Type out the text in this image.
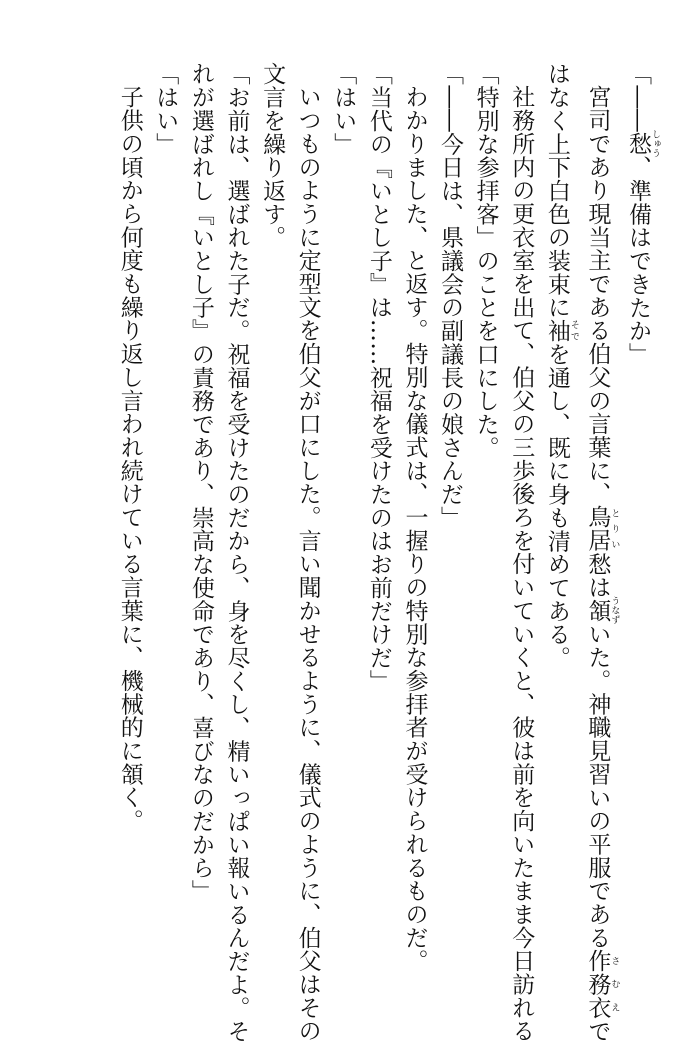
「――愁 しゅう、準備はできたか」
宮司であり現当主である伯父の言葉に、鳥居 とりい愁は頷 うなずいた。神職見習いの平服である作務衣 さむえで
はなく上下白色の装束に袖 そでを通し、既に身も清めてある。
社務所内の更衣室を出て、伯父の三歩後ろを付いていくと、彼は前を向いたまま今日訪れる
「特別な参拝客」のことを口にした。
「――今日は、県議会の副議長の娘さんだ」
わかりました、と返す。特別な儀式は、一握りの特別な参拝者が受けられるものだ。
「当代の『いとし子』は……祝福を受けたのはお前だけだ」
「はい」
いつものように定型文を伯父が口にした。言い聞かせるように、儀式のように、伯父はその
文言を繰り返す。
「お前は、選ばれた子だ。祝福を受けたのだから、身を尽くし、精いっぱい報いるんだよ。そ
れが選ばれし『いとし子』の責務であり、崇高な使命であり、喜びなのだから」
「はい」
子供の頃から何度も繰り返し言われ続けている言葉に、機械的に頷く。
